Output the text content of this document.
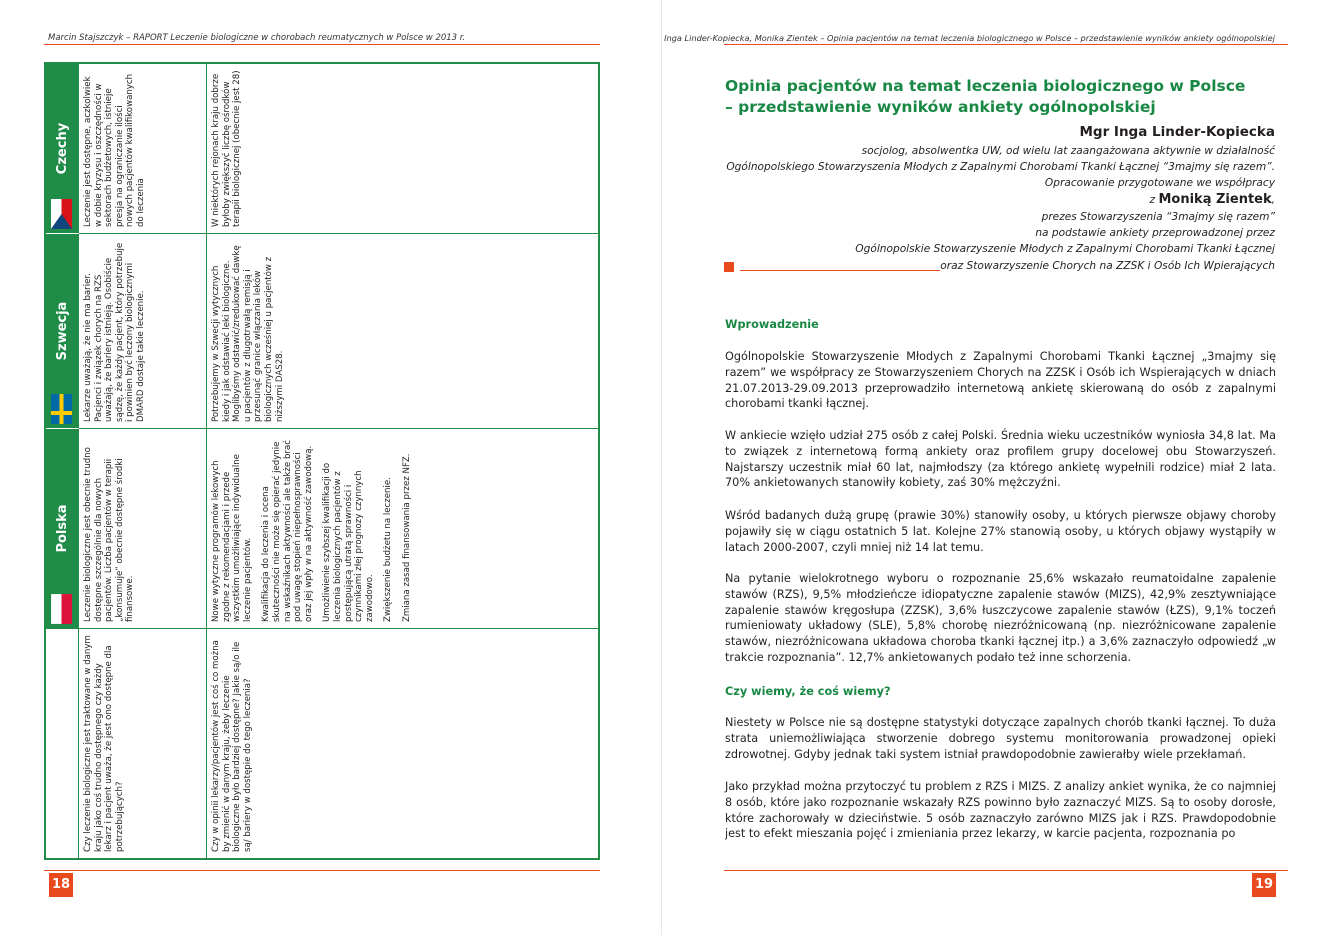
Marcin Stajszczyk – RAPORT Leczenie biologiczne w chorobach reumatycznych w Polsce w 2013 r.
Polska
Szwecja
Czechy
Czy leczenie biologiczne jest traktowane w danym kraju jako coś trudno dostępnego czy każdy lekarz i pacjent uważa, że jest ono dostępne dla potrzebujących?

Leczenie biologiczne jest obecnie trudno dostępne szczególnie dla nowych pacjentów. Liczba pacjentów w terapii „konsumuje” obecnie dostępne środki finansowe.

Lekarze uważają, że nie ma barier. Pacjenci i związek chorych na RZS uważają, że bariery istnieją. Osobiście sądzę, że każdy pacjent, który potrzebuje i powinien być leczony biologicznymi DMARD dostaje takie leczenie.

Leczenie jest dostępne, aczkolwiek w dobie kryzysu i oszczędności w sektorach budżetowych, istnieje presja na ograniczanie ilości nowych pacjentów kwalifikowanych do leczenia

Czy w opinii lekarzy/pacjentów jest coś co można by zmienić w danym kraju, żeby leczenie biologiczne było bardziej dostępne? Jakie są/o ile są/ bariery w dostępie do tego leczenia?

Nowe wytyczne programów lekowych zgodne z rekomendacjami i przede wszystkim umożliwiające indywidualne leczenie pacjentów. Kwalifikacja do leczenia i ocena skuteczności nie może się opierać jedynie na wskaźnikach aktywności ale także brać pod uwagę stopień niepełnosprawności oraz jej wpły w na aktywność zawodową. Umożliwienie szybszej kwalifikacji do leczenia biologicznych pacjentów z postępującą utratą sprawności i czynnikami złej prognozy czynnych zawodowo. Zwiększenie budżetu na leczenie. Zmiana zasad finansowania przez NFZ.

Potrzebujemy w Szwecji wytycznych kiedy i jak odstawiać leki biologiczne. Moglibyśmy odstawić/zredukować dawkę u pacjentów z długotrwałą remisją i przesunąć granice włączania leków biologicznych wcześniej u pacjentów z niższymi DAS28.

W niektórych rejonach kraju dobrze byłoby zwiększyć liczbę ośrodków terapii biologicznej (obecnie jest 28)

18
Inga Linder-Kopiecka, Monika Zientek – Opinia pacjentów na temat leczenia biologicznego w Polsce – przedstawienie wyników ankiety ogólnopolskiej
19
Opinia pacjentów na temat leczenia biologicznego w Polsce
– przedstawienie wyników ankiety ogólnopolskiej
Mgr Inga Linder-Kopiecka
socjolog, absolwentka UW, od wielu lat zaangażowana aktywnie w działalność
Ogólnopolskiego Stowarzyszenia Młodych z Zapalnymi Chorobami Tkanki Łącznej “3majmy się razem”.
Opracowanie przygotowane we współpracy
z Moniką Zientek,
prezes Stowarzyszenia “3majmy się razem”
na podstawie ankiety przeprowadzonej przez
Ogólnopolskie Stowarzyszenie Młodych z Zapalnymi Chorobami Tkanki Łącznej
oraz Stowarzyszenie Chorych na ZZSK i Osób Ich Wpierających
Wprowadzenie
Ogólnopolskie Stowarzyszenie Młodych z Zapalnymi Chorobami Tkanki Łącznej „3majmy się razem” we współpracy ze Stowarzyszeniem Chorych na ZZSK i Osób ich Wspierających w dniach 21.07.2013-29.09.2013 przeprowadziło internetową ankietę skierowaną do osób z zapalnymi chorobami tkanki łącznej.
W ankiecie wzięło udział 275 osób z całej Polski. Średnia wieku uczestników wyniosła 34,8 lat. Ma to związek z internetową formą ankiety oraz profilem grupy docelowej obu Stowarzyszeń. Najstarszy uczestnik miał 60 lat, najmłodszy (za którego ankietę wypełnili rodzice) miał 2 lata. 70% ankietowanych stanowiły kobiety, zaś 30% mężczyźni.
Wśród badanych dużą grupę (prawie 30%) stanowiły osoby, u których pierwsze objawy choroby pojawiły się w ciągu ostatnich 5 lat. Kolejne 27% stanowią osoby, u których objawy wystąpiły w latach 2000-2007, czyli mniej niż 14 lat temu.
Na pytanie wielokrotnego wyboru o rozpoznanie 25,6% wskazało reumatoidalne zapalenie stawów (RZS), 9,5% młodzieńcze idiopatyczne zapalenie stawów (MIZS), 42,9% zesztywniające zapalenie stawów kręgosłupa (ZZSK), 3,6% łuszczycowe zapalenie stawów (ŁZS), 9,1% toczeń rumieniowaty układowy (SLE), 5,8% chorobę niezróżnicowaną (np. niezróżnicowane zapalenie stawów, niezróżnicowana układowa choroba tkanki łącznej itp.) a 3,6% zaznaczyło odpowiedź „w trakcie rozpoznania”. 12,7% ankietowanych podało też inne schorzenia.
Czy wiemy, że coś wiemy?
Niestety w Polsce nie są dostępne statystyki dotyczące zapalnych chorób tkanki łącznej. To duża strata uniemożliwiająca stworzenie dobrego systemu monitorowania prowadzonej opieki zdrowotnej. Gdyby jednak taki system istniał prawdopodobnie zawierałby wiele przekłamań.
Jako przykład można przytoczyć tu problem z RZS i MIZS. Z analizy ankiet wynika, że co najmniej 8 osób, które jako rozpoznanie wskazały RZS powinno było zaznaczyć MIZS. Są to osoby dorosłe, które zachorowały w dzieciństwie. 5 osób zaznaczyło zarówno MIZS jak i RZS. Prawdopodobnie jest to efekt mieszania pojęć i zmieniania przez lekarzy, w karcie pacjenta, rozpoznania po
